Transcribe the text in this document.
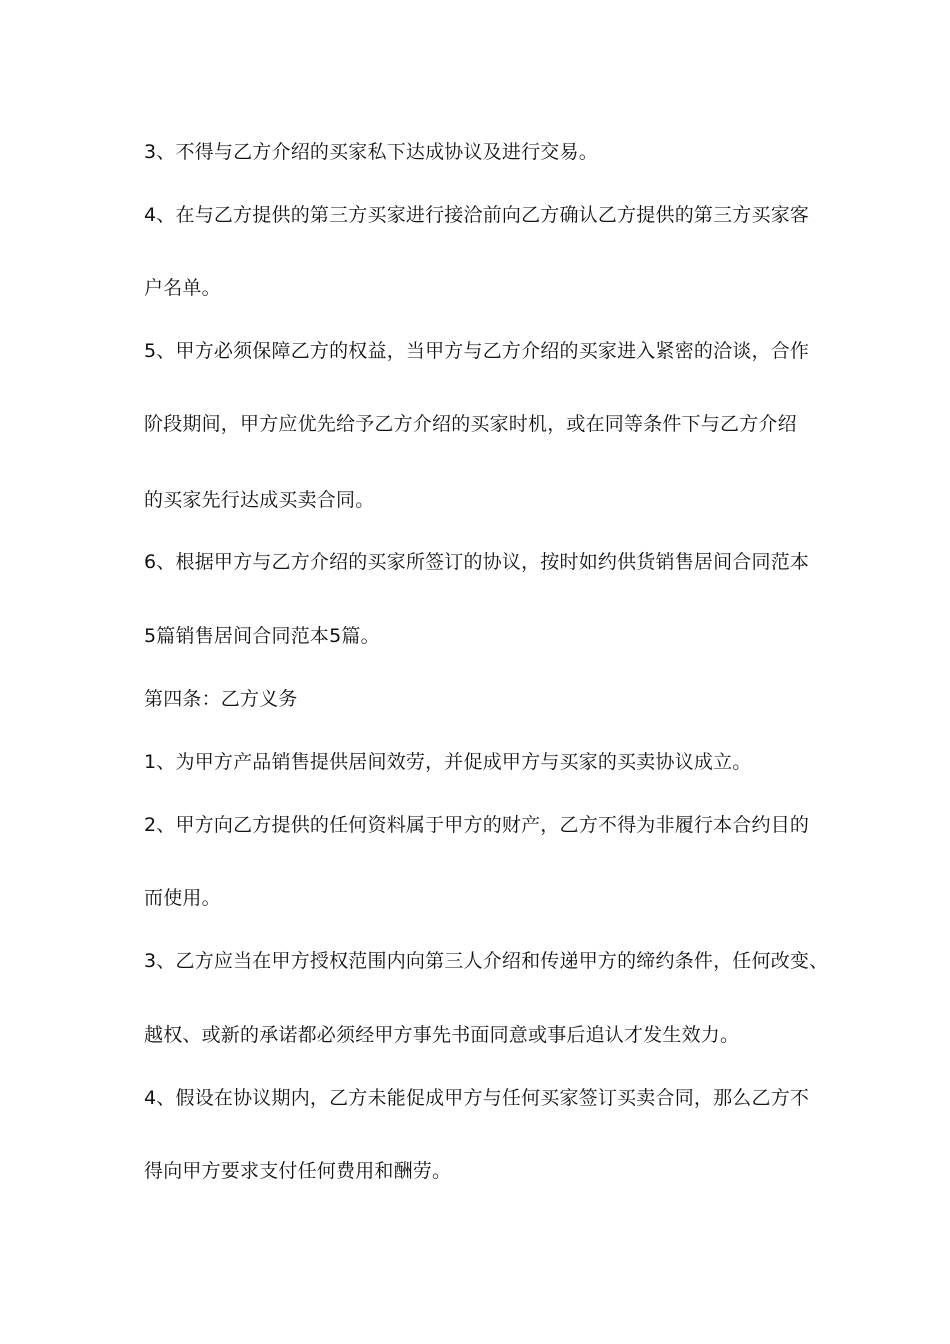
3、不得与乙方介绍的买家私下达成协议及进行交易。
4、在与乙方提供的第三方买家进行接洽前向乙方确认乙方提供的第三方买家客
户名单。
5、甲方必须保障乙方的权益，当甲方与乙方介绍的买家进入紧密的洽谈，合作
阶段期间，甲方应优先给予乙方介绍的买家时机，或在同等条件下与乙方介绍
的买家先行达成买卖合同。
6、根据甲方与乙方介绍的买家所签订的协议，按时如约供货销售居间合同范本
5篇销售居间合同范本5篇。
第四条：乙方义务
1、为甲方产品销售提供居间效劳，并促成甲方与买家的买卖协议成立。
2、甲方向乙方提供的任何资料属于甲方的财产，乙方不得为非履行本合约目的
而使用。
3、乙方应当在甲方授权范围内向第三人介绍和传递甲方的缔约条件，任何改变、
越权、或新的承诺都必须经甲方事先书面同意或事后追认才发生效力。
4、假设在协议期内，乙方未能促成甲方与任何买家签订买卖合同，那么乙方不
得向甲方要求支付任何费用和酬劳。
